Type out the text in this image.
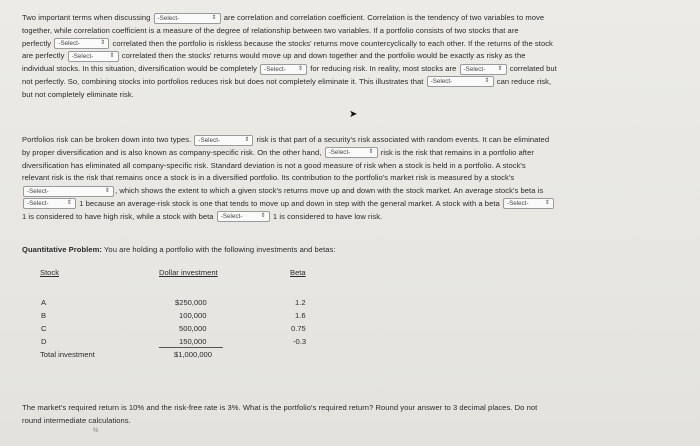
Two important terms when discussing -Select-	⇕ are correlation and correlation coefficient. Correlation is the tendency of two variables to move
together, while correlation coefficient is a measure of the degree of relationship between two variables. If a portfolio consists of two stocks that are
perfectly -Select-	⇕ correlated then the portfolio is riskless because the stocks' returns move countercyclically to each other. If the returns of the stock
are perfectly -Select-	⇕ correlated then the stocks' returns would move up and down together and the portfolio would be exactly as risky as the
individual stocks. In this situation, diversification would be completely -Select- ⇕ for reducing risk. In reality, most stocks are -Select- ⇕ correlated but
not perfectly. So, combining stocks into portfolios reduces risk but does not completely eliminate it. This illustrates that -Select-	⇕ can reduce risk,
but not completely eliminate risk.
➤
Portfolios risk can be broken down into two types. -Select-	⇕ risk is that part of a security's risk associated with random events. It can be eliminated
by proper diversification and is also known as company-specific risk. On the other hand, -Select-	⇕ risk is the risk that remains in a portfolio after
diversification has eliminated all company-specific risk. Standard deviation is not a good measure of risk when a stock is held in a portfolio. A stock's
relevant risk is the risk that remains once a stock is in a diversified portfolio. Its contribution to the portfolio's market risk is measured by a stock's
-Select-	⇕ , which shows the extent to which a given stock's returns move up and down with the stock market. An average stock's beta is
-Select-	⇕ 1 because an average-risk stock is one that tends to move up and down in step with the general market. A stock with a beta -Select-	⇕
1 is considered to have high risk, while a stock with beta -Select-	⇕ 1 is considered to have low risk.
Quantitative Problem: You are holding a portfolio with the following investments and betas:
Stock	Dollar investment	Beta
A	$250,000	1.2
B	100,000	1.6
C	500,000	0.75
D	150,000	-0.3
Total investment	$1,000,000
The market's required return is 10% and the risk-free rate is 3%. What is the portfolio's required return? Round your answer to 3 decimal places. Do not
round intermediate calculations.
%
